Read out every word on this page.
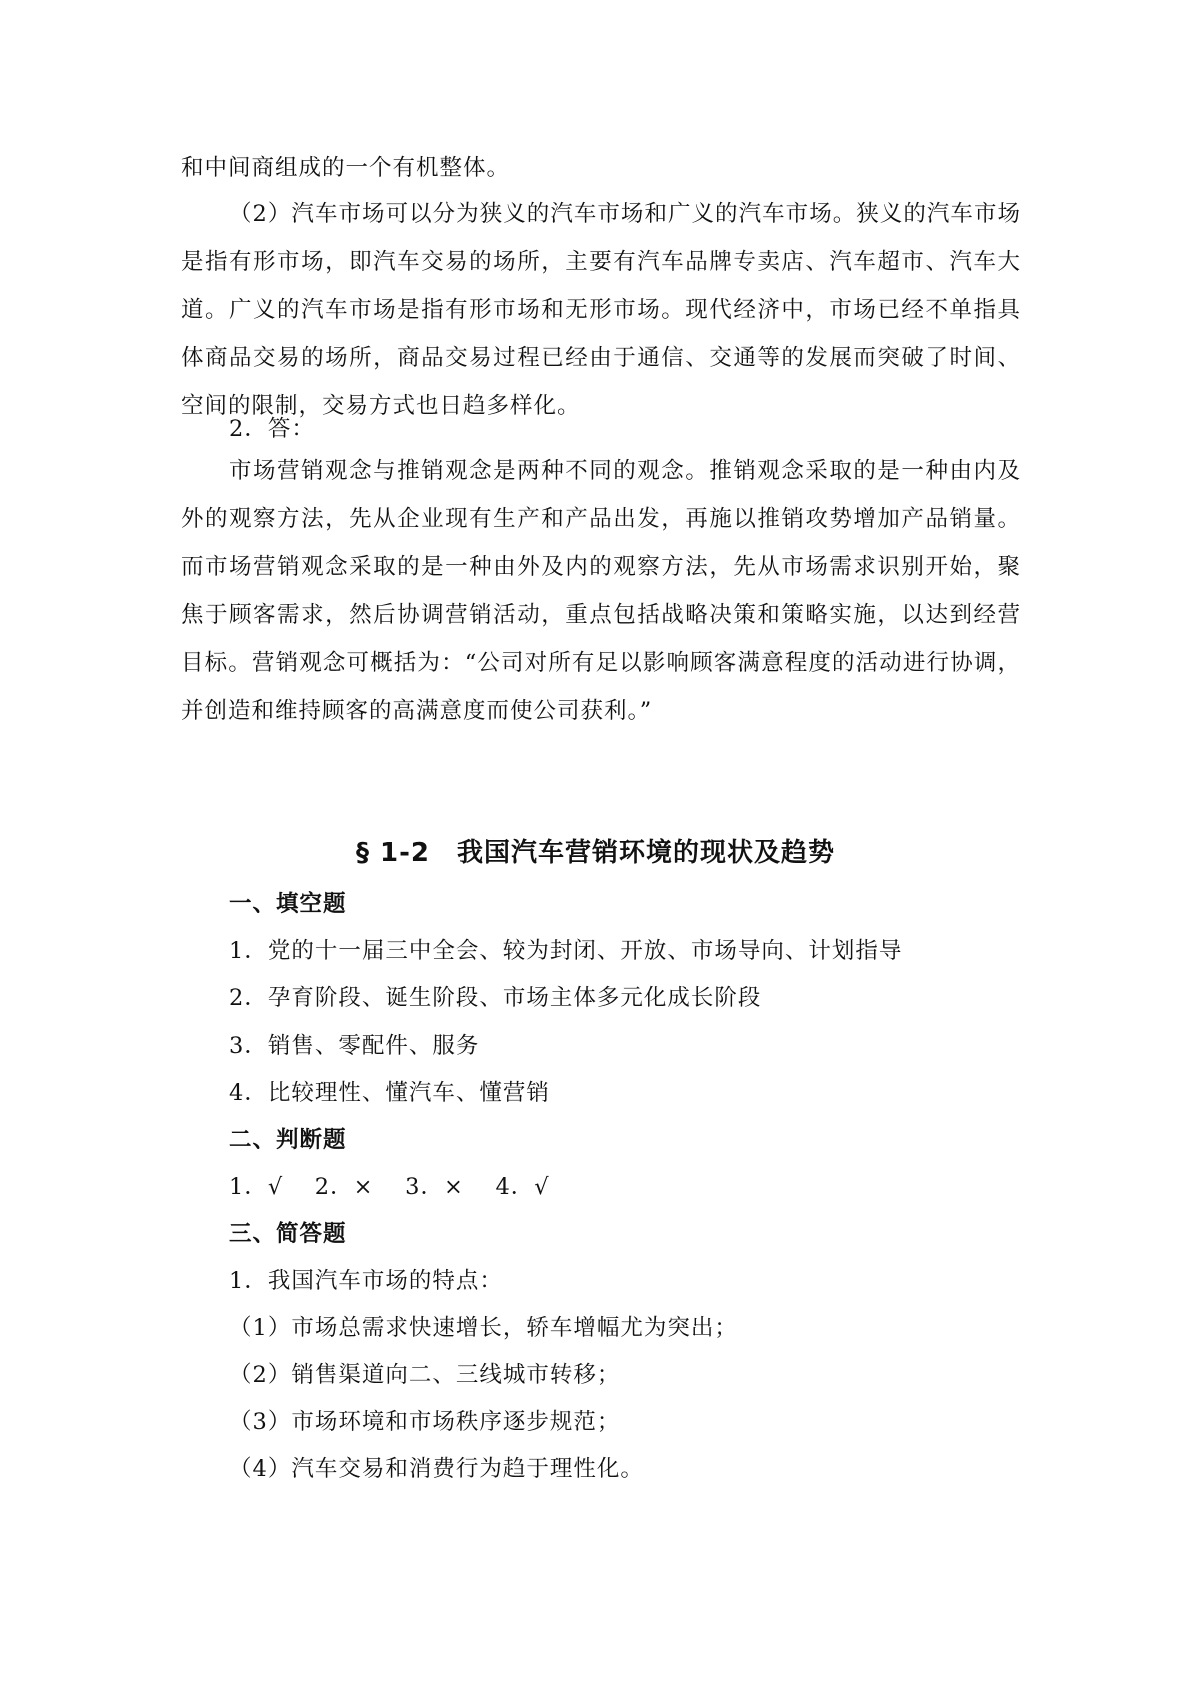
和中间商组成的一个有机整体。

（2）汽车市场可以分为狭义的汽车市场和广义的汽车市场。狭义的汽车市场是指有形市场，即汽车交易的场所，主要有汽车品牌专卖店、汽车超市、汽车大道。广义的汽车市场是指有形市场和无形市场。现代经济中，市场已经不单指具体商品交易的场所，商品交易过程已经由于通信、交通等的发展而突破了时间、空间的限制，交易方式也日趋多样化。

2．答：

市场营销观念与推销观念是两种不同的观念。推销观念采取的是一种由内及外的观察方法，先从企业现有生产和产品出发，再施以推销攻势增加产品销量。而市场营销观念采取的是一种由外及内的观察方法，先从市场需求识别开始，聚焦于顾客需求，然后协调营销活动，重点包括战略决策和策略实施，以达到经营目标。营销观念可概括为：“公司对所有足以影响顾客满意程度的活动进行协调，并创造和维持顾客的高满意度而使公司获利。”

§ 1-2　我国汽车营销环境的现状及趋势

一、填空题

1．党的十一届三中全会、较为封闭、开放、市场导向、计划指导

2．孕育阶段、诞生阶段、市场主体多元化成长阶段

3．销售、零配件、服务

4．比较理性、懂汽车、懂营销

二、判断题

1．√　 2．×　 3．×　 4．√

三、简答题

1．我国汽车市场的特点：

（1）市场总需求快速增长，轿车增幅尤为突出；

（2）销售渠道向二、三线城市转移；

（3）市场环境和市场秩序逐步规范；

（4）汽车交易和消费行为趋于理性化。
